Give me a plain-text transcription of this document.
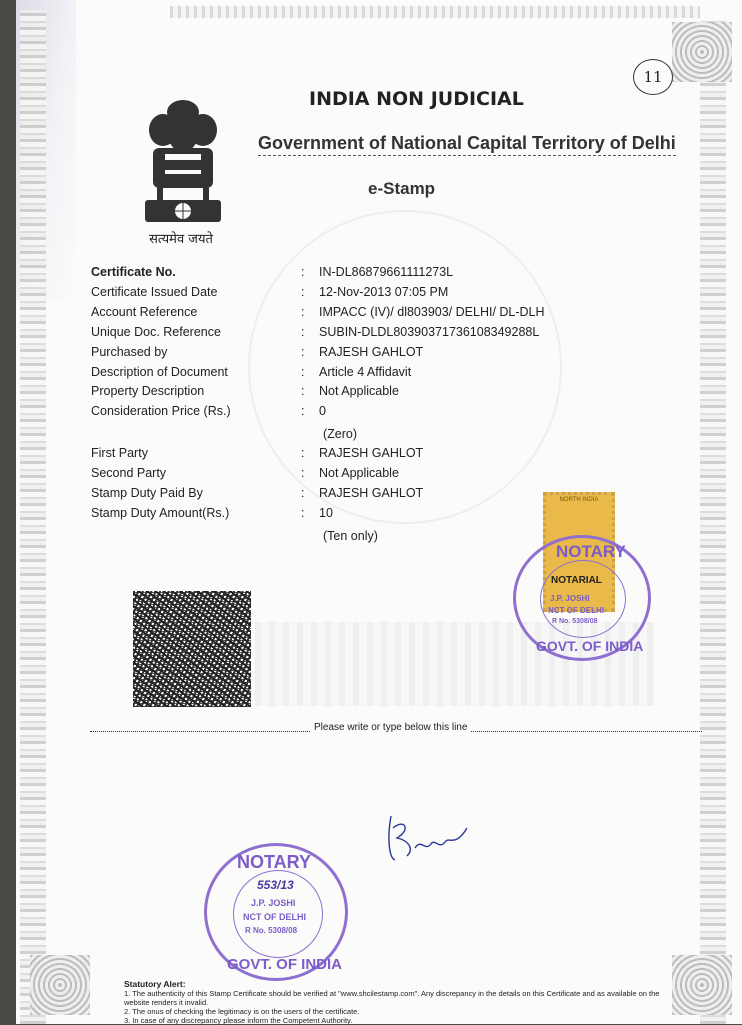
सत्यमेव जयते
11
INDIA NON JUDICIAL
Government of National Capital Territory of Delhi
e-Stamp
Certificate No.	: IN-DL86879661111273L
Certificate Issued Date	: 12-Nov-2013 07:05 PM
Account Reference	: IMPACC (IV)/ dl803903/ DELHI/ DL-DLH
Unique Doc. Reference	: SUBIN-DLDL80390371736108349288L
Purchased by	: RAJESH GAHLOT
Description of Document	: Article 4 Affidavit
Property Description	: Not Applicable
Consideration Price (Rs.)	: 0
(Zero)
First Party	: RAJESH GAHLOT
Second Party	: Not Applicable
Stamp Duty Paid By	: RAJESH GAHLOT
Stamp Duty Amount(Rs.)	: 10
(Ten only)
NORTH INDIA
NOTARY
J.P. JOSHI
NCT OF DELHI
R No. 5308/08
GOVT. OF INDIA
NOTARIAL
Please write or type below this line
NOTARY
553/13
J.P. JOSHI
NCT OF DELHI
R No. 5308/08
GOVT. OF INDIA
Statutory Alert:
1. The authenticity of this Stamp Certificate should be verified at "www.shcilestamp.com". Any discrepancy in the details on this Certificate and as available on the website renders it invalid.
2. The onus of checking the legitimacy is on the users of the certificate.
3. In case of any discrepancy please inform the Competent Authority.
